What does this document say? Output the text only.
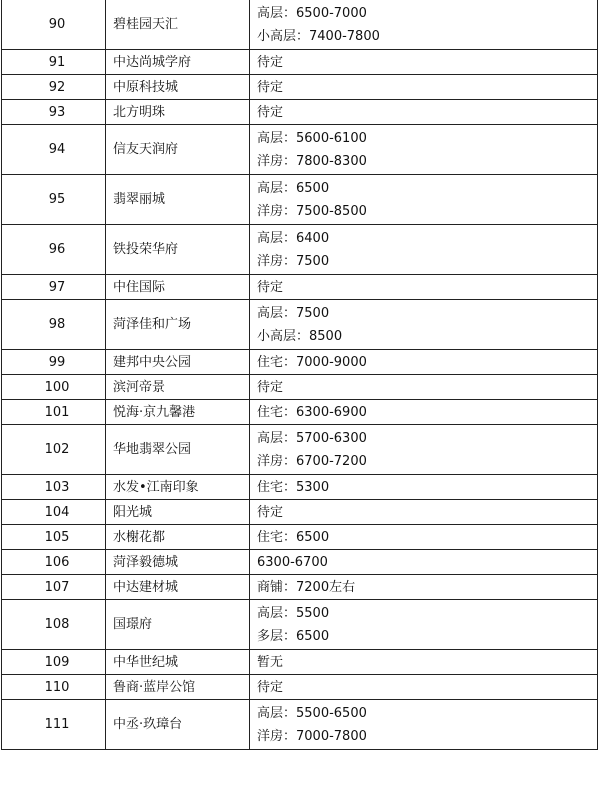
90	碧桂园天汇	高层：6500-7000
小高层：7400-7800

91	中达尚城学府	待定

92	中原科技城	待定

93	北方明珠	待定

94	信友天润府	高层：5600-6100
洋房：7800-8300

95	翡翠丽城	高层：6500
洋房：7500-8500

96	铁投荣华府	高层：6400
洋房：7500

97	中住国际	待定

98	菏泽佳和广场	高层：7500
小高层：8500

99	建邦中央公园	住宅：7000-9000

100	滨河帝景	待定

101	悦海·京九馨港	住宅：6300-6900

102	华地翡翠公园	高层：5700-6300
洋房：6700-7200

103	水发•江南印象	住宅：5300

104	阳光城	待定

105	水榭花都	住宅：6500

106	菏泽毅德城	6300-6700

107	中达建材城	商铺：7200左右

108	国璟府	高层：5500
多层：6500

109	中华世纪城	暂无

110	鲁商·蓝岸公馆	待定

111	中丞·玖璋台	高层：5500-6500
洋房：7000-7800
